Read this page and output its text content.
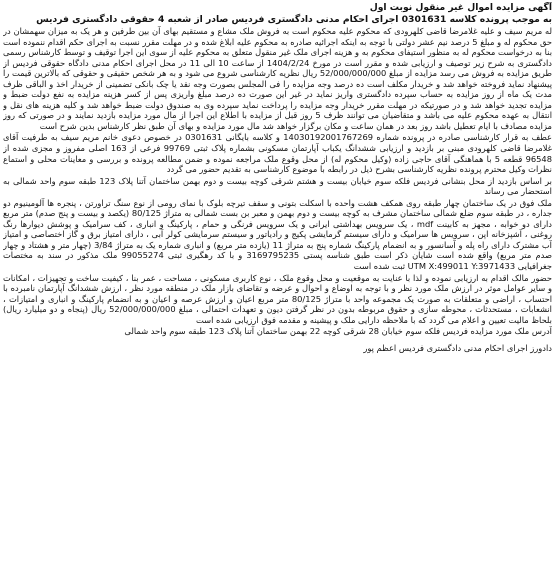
آگهی مزایده اموال غیر منقول نوبت اول
به موجب پرونده کلاسه 0301631 اجرای احکام مدنی دادگستری فردیس صادر از شعبه 4 حقوقی دادگستری فردیس

له مریم سیف و علیه غلامرضا قاضی کلهرودی که محکوم علیه محکوم است به فروش ملک مشاع و مستقیم بهای آن بین طرفین و هر یک به میزان سهمشان در حق محکوم له و مبلغ 5 درصد نیم عشر دولتی با توجه به اینکه اجرائیه صادره به محکوم علیه ابلاغ شده و در مهلت مقرر نسبت به اجرای حکم اقدام ننموده است بنا به درخواست محکوم له به منظور استیفای محکوم به و هزینه اجرای ملک غیر منقول متعلق به محکوم علیه از سوی این اجرا توقیف و توسط کارشناس رسمی دادگستری به شرح زیر توصیف و ارزیابی شده و مقرر است در مورخ 1404/2/24 از ساعت 10 الی 11 در محل اجرای احکام مدنی دادگاه حقوقی فردیس از طریق مزایده به فروش می رسد مزایده از مبلغ 52/000/000/000 ریال نظریه کارشناسی شروع می شود و به هر شخص حقیقی و حقوقی که بالاترین قیمت را پیشنهاد نماید فروخته خواهد شد و خریدار مکلف است ده درصد وجه مزایده را فی المجلس بصورت وجه نقد یا چک بانکی تضمینی از خریدار اخذ و الباقی ظرف مدت یک ماه از روز مزایده به حساب سپرده دادگستری واریز نماید در غیر این صورت ده درصد مبلغ واریزی پس از کسر هزینه مزایده به نفع دولت ضبط و مزایده تجدید خواهد شد و در صورتیکه در مهلت مقرر خریدار وجه مزایده را پرداخت نماید سپرده وی به صندوق دولت ضبط خواهد شد و کلیه هزینه های نقل و انتقال به عهده محکوم علیه می باشد و متقاضیان می توانند ظرف 5 روز قبل از مزایده با اطلاع این اجرا از مال مورد مزایده بازدید نمایند و در صورتی که روز مزایده مصادف با ایام تعطیل باشد روز بعد در همان ساعت و مکان برگزار خواهد شد مال مورد مزایده و بهای آن طبق نظر کارشناس بدین شرح است

عطف به قرار کارشناسی صادره در پرونده شماره 14030192001767269 و کلاسه بایگانی 0301631 در خصوص دعوی خانم مریم سیف به طرفیت آقای غلامرضا قاضی کلهرودی مبنی بر بازدید و ارزیابی ششدانگ یکباب آپارتمان مسکونی بشماره پلاک ثبتی 99769 فرعی از 163 اصلی مفروز و مجزی شده از 96548 قطعه 5 با هماهنگی آقای حاجی زاده (وکیل محکوم له) از محل وقوع ملک مراجعه نموده و ضمن مطالعه پرونده و بررسی و معاینات محلی و استماع نظرات وکیل محترم پرونده نظریه کارشناسی بشرح ذیل در رابطه با موضوع کارشناسی به تقدیم حضور می گردد

بر اساس بازدید از محل بنشانی فردیس فلکه سوم خیابان بیست و هشتم شرقی کوچه بیست و دوم بهمن ساختمان آتنا پلاک 123 طبقه سوم واحد شمالی به استحضار می رساند

ملک فوق در یک ساختمان چهار طبقه روی همکف هشت واحده با اسکلت بتونی و سقف تیرچه بلوک با نمای رومی از نوع سنگ تراورتن ، پنجره ها آلومینیوم دو جداره ، در طبقه سوم ضلع شمالی ساختمان مشرف به کوچه بیست و دوم بهمن و معبر بن بست شمالی به متراژ 80/125 (یکصد و بیست و پنج صدم) متر مربع دارای دو خوابه ، مجهز به کابینت mdf ، یک سرویس بهداشتی ایرانی و یک سرویس فرنگی و حمام ، پارکینگ و انباری ، کف سرامیک و پوشش دیوارها رنگ روغنی ، آشپزخانه اپن ، سرویس ها سرامیک و دارای سیستم گرمایشی پکیج و رادیاتور و سیستم سرمایشی کولر آبی ، دارای امتیاز برق و گاز اختصاصی و امتیاز آب مشترک دارای راه پله و آسانسور و به انضمام پارکینگ شماره پنج به متراژ 11 (یازده متر مربع) و انباری شماره یک به متراژ 3/84 (چهار متر و هشتاد و چهار صدم متر مربع) واقع شده است شایان ذکر است طبق شناسه پستی 3169795235 و با کد رهگیری ثبتی 99055274 ملک مذکور در سند به مختصات جغرافیایی UTM X:499011 Y:3971433 ثبت شده است

حضور مالک اقدام به ارزیابی نموده و لذا با عنایت به موقعیت و محل وقوع ملک ، نوع کاربری مسکونی ، مساحت ، عمر بنا ، کیفیت ساخت و تجهیزات ، امکانات و سایر عوامل موثر در ارزش ملک مورد نظر و با توجه به اوضاع و احوال و عرضه و تقاضای بازار ملک در منطقه مورد نظر ، ارزش ششدانگ آپارتمان نامبرده با احتساب ، اراضی و متعلقات به صورت یک مجموعه واحد با متراژ 80/125 متر مربع اعیان و ارزش عرصه و اعیان و به انضمام پارکینگ و انباری و امتیازات ، انشعابات ، مستحدثات ، محوطه سازی و حقوق مربوطه بدون در نظر گرفتن دیون و تعهدات احتمالی ، مبلغ 52/000/000/000 ریال (پنجاه و دو میلیارد ریال) بلحاظ مالیت تعیین و اعلام می گردد که با ملاحظه دارایی ملک و پیشینه و مقدمه فوق ارزیابی شده است

آدرس ملک مورد مزایده فردیس فلکه سوم خیابان 28 شرقی کوچه 22 بهمن ساختمان آتنا پلاک 123 طبقه سوم واحد شمالی

دادورز اجرای احکام مدنی دادگستری فردیس اعظم پور
